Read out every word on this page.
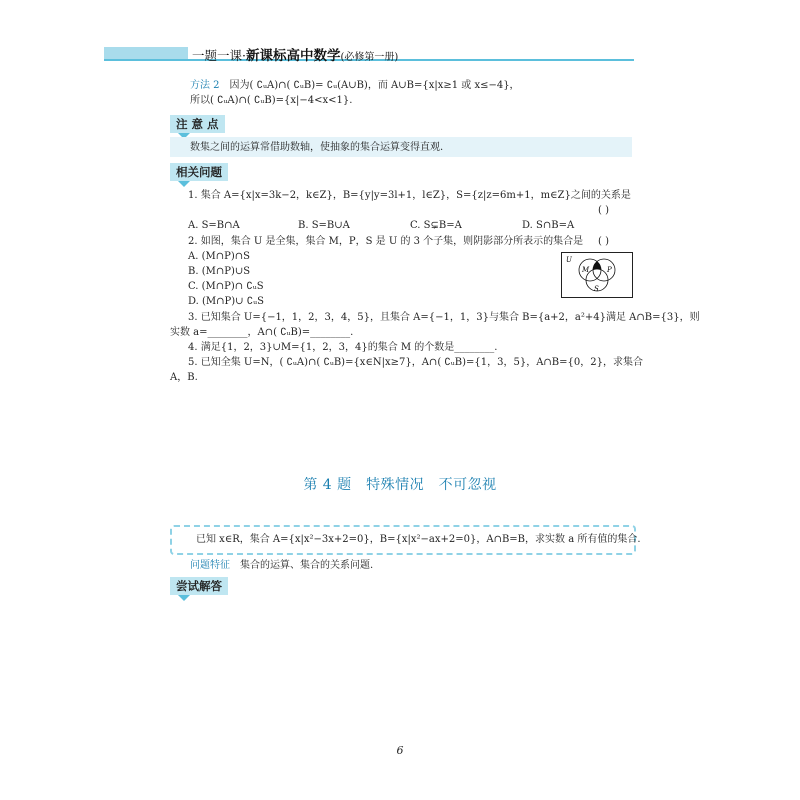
一题一课·新课标高中数学(必修第一册)
方法 2　 因为( ∁ᵤA)∩( ∁ᵤB)= ∁ᵤ(A∪B)，而 A∪B={x|x≥1 或 x≤−4}，
所以( ∁ᵤA)∩( ∁ᵤB)={x|−4<x<1}.
注 意 点
数集之间的运算常借助数轴，使抽象的集合运算变得直观.
相关问题
1. 集合 A={x|x=3k−2，k∈Z}，B={y|y=3l+1，l∈Z}，S={z|z=6m+1，m∈Z}之间的关系是
( )
A. S=B∩A	B. S=B∪A	C. S⊊B=A	D. S∩B=A
2. 如图，集合 U 是全集，集合 M，P，S 是 U 的 3 个子集，则阴影部分所表示的集合是 ( )
A. (M∩P)∩S
B. (M∩P)∪S
C. (M∩P)∩ ∁ᵤS
D. (M∩P)∪ ∁ᵤS
U
M	P
S
3. 已知集合 U={−1，1，2，3，4，5}，且集合 A={−1，1，3}与集合 B={a+2，a²+4}满足 A∩B={3}，则
实数 a=________，A∩( ∁ᵤB)=________.
4. 满足{1，2，3}∪M={1，2，3，4}的集合 M 的个数是________.
5. 已知全集 U=N，( ∁ᵤA)∩( ∁ᵤB)={x∈N|x≥7}，A∩( ∁ᵤB)={1，3，5}，A∩B={0，2}，求集合
A，B.
第 4 题　特殊情况　不可忽视
已知 x∈R，集合 A={x|x²−3x+2=0}，B={x|x²−ax+2=0}，A∩B=B，求实数 a 所有值的集合.
问题特征　 集合的运算、集合的关系问题.
尝试解答
6
